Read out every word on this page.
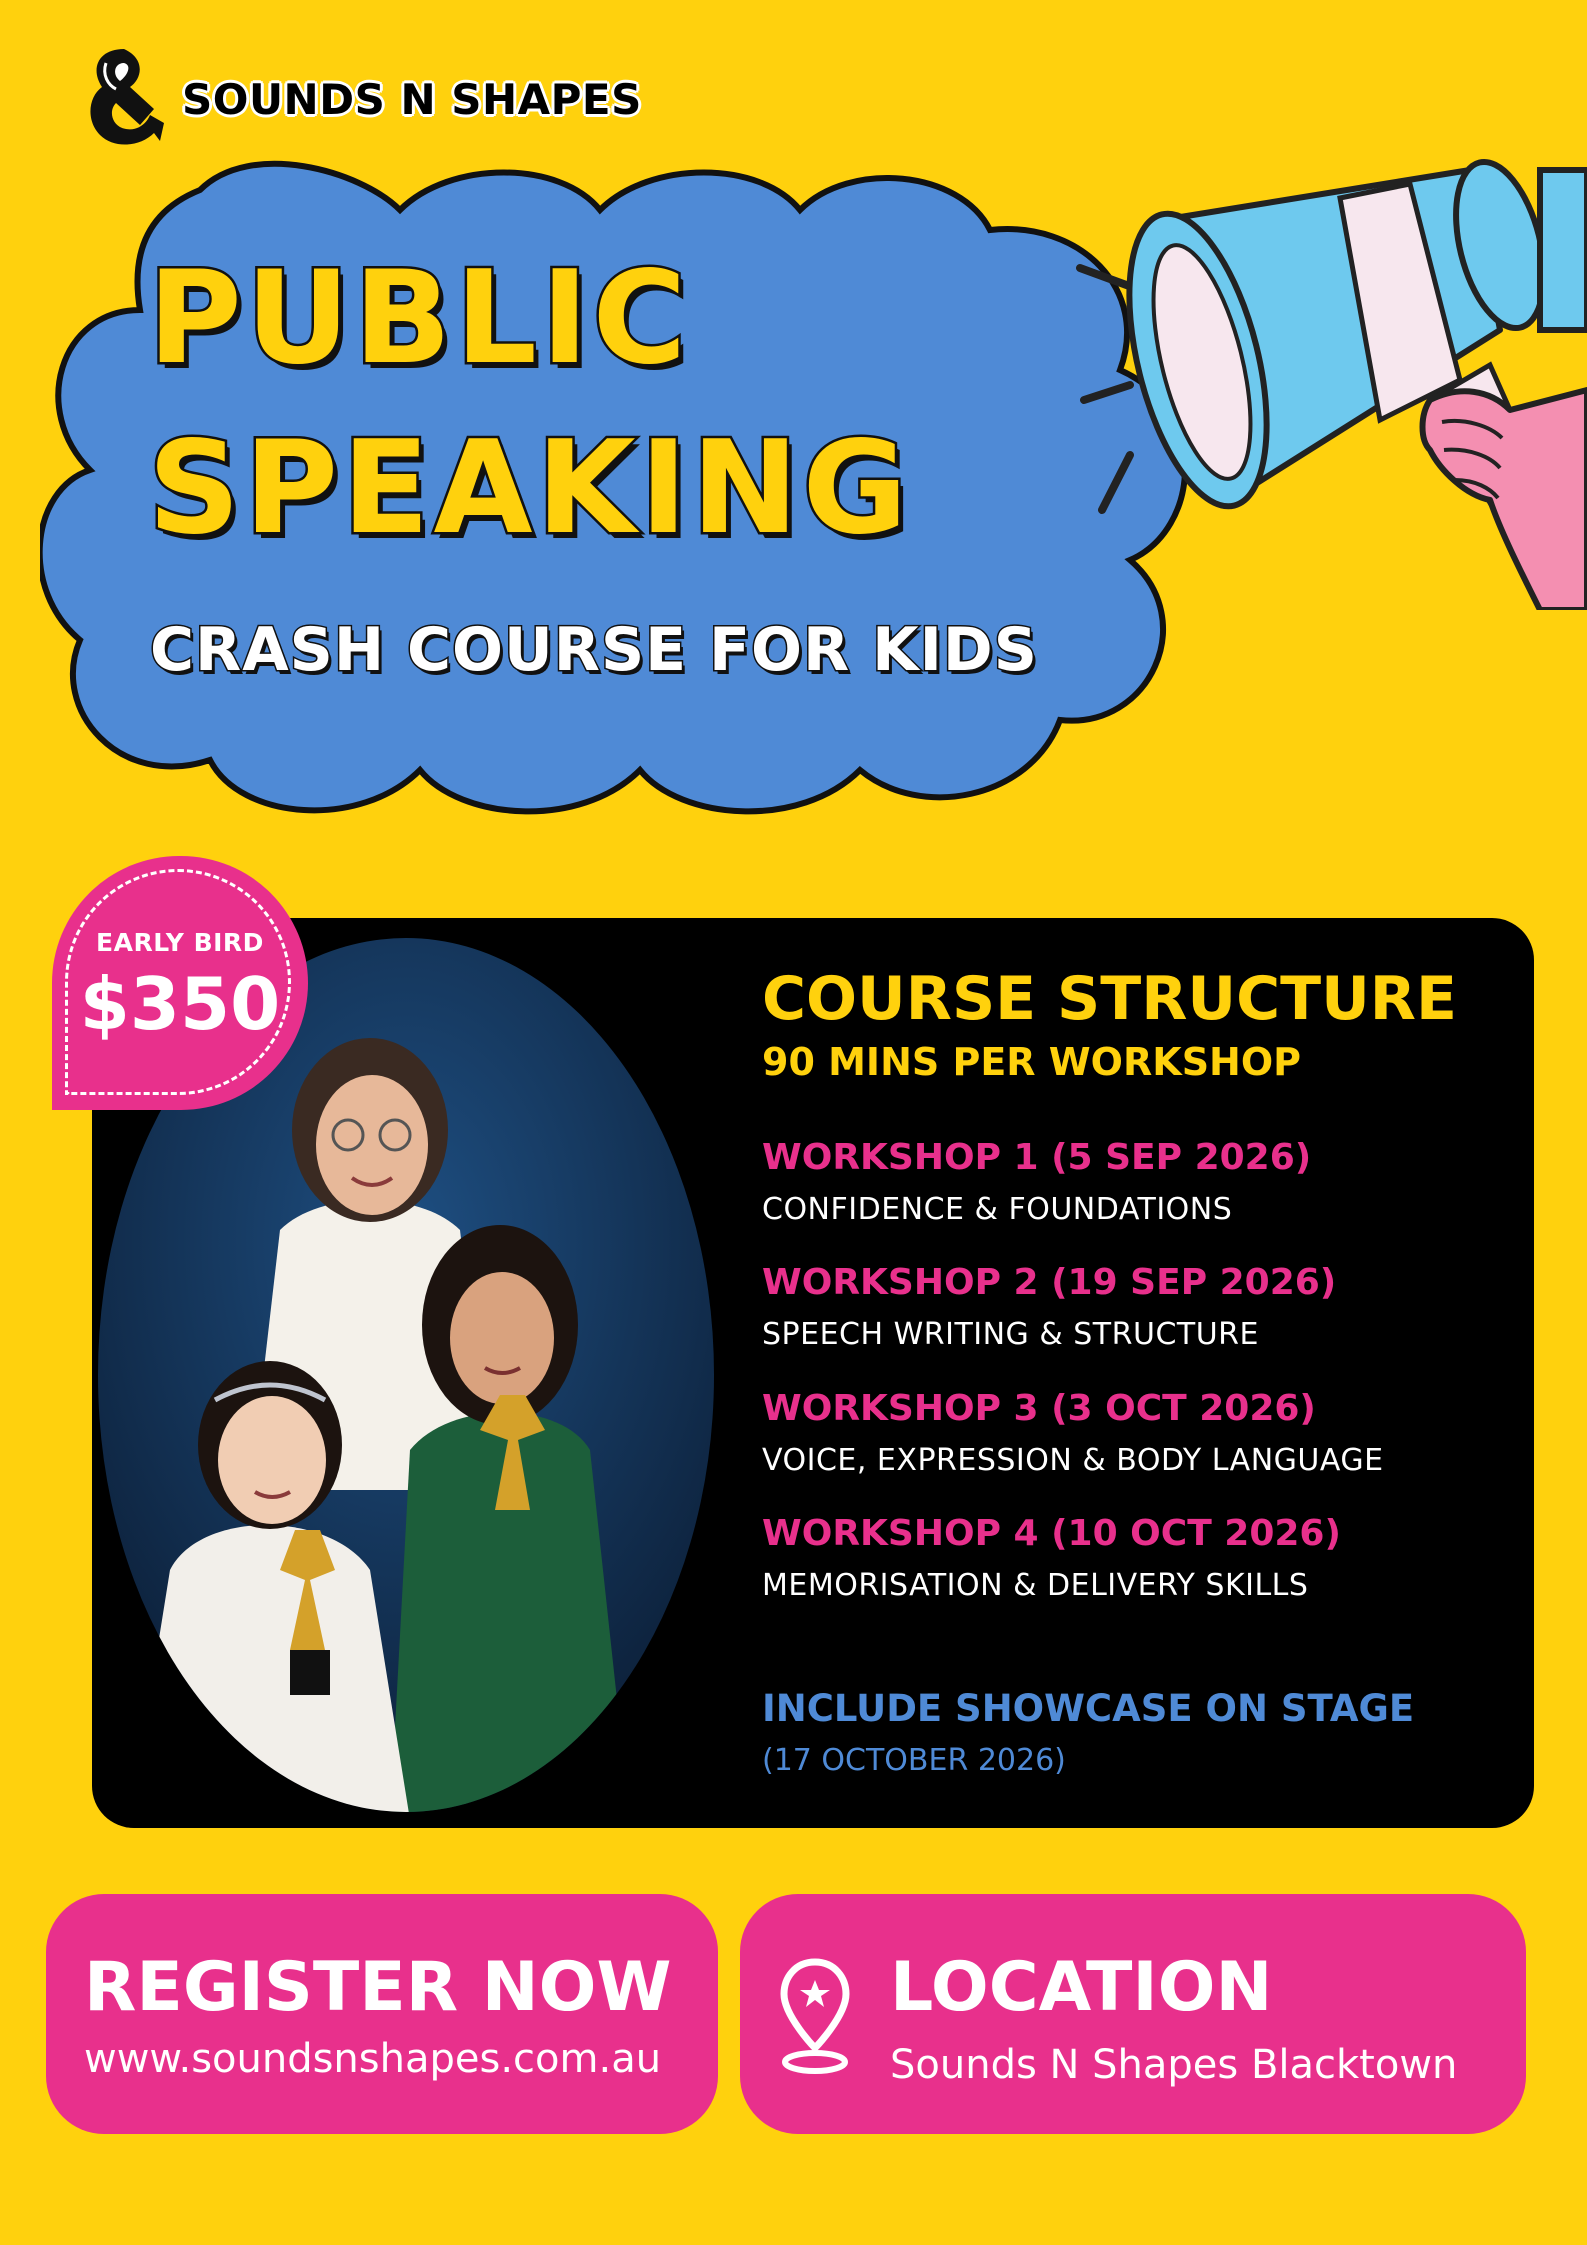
SOUNDS N SHAPES
PUBLIC
SPEAKING
CRASH COURSE FOR KIDS
EARLY BIRD
$350	COURSE STRUCTURE
90 MINS PER WORKSHOP
WORKSHOP 1 (5 SEP 2026)
CONFIDENCE & FOUNDATIONS
WORKSHOP 2 (19 SEP 2026)
SPEECH WRITING & STRUCTURE
WORKSHOP 3 (3 OCT 2026)
VOICE, EXPRESSION & BODY LANGUAGE
WORKSHOP 4 (10 OCT 2026)
MEMORISATION & DELIVERY SKILLS
INCLUDE SHOWCASE ON STAGE
(17 OCTOBER 2026)
REGISTER NOW
www.soundsnshapes.com.au
LOCATION
Sounds N Shapes Blacktown
